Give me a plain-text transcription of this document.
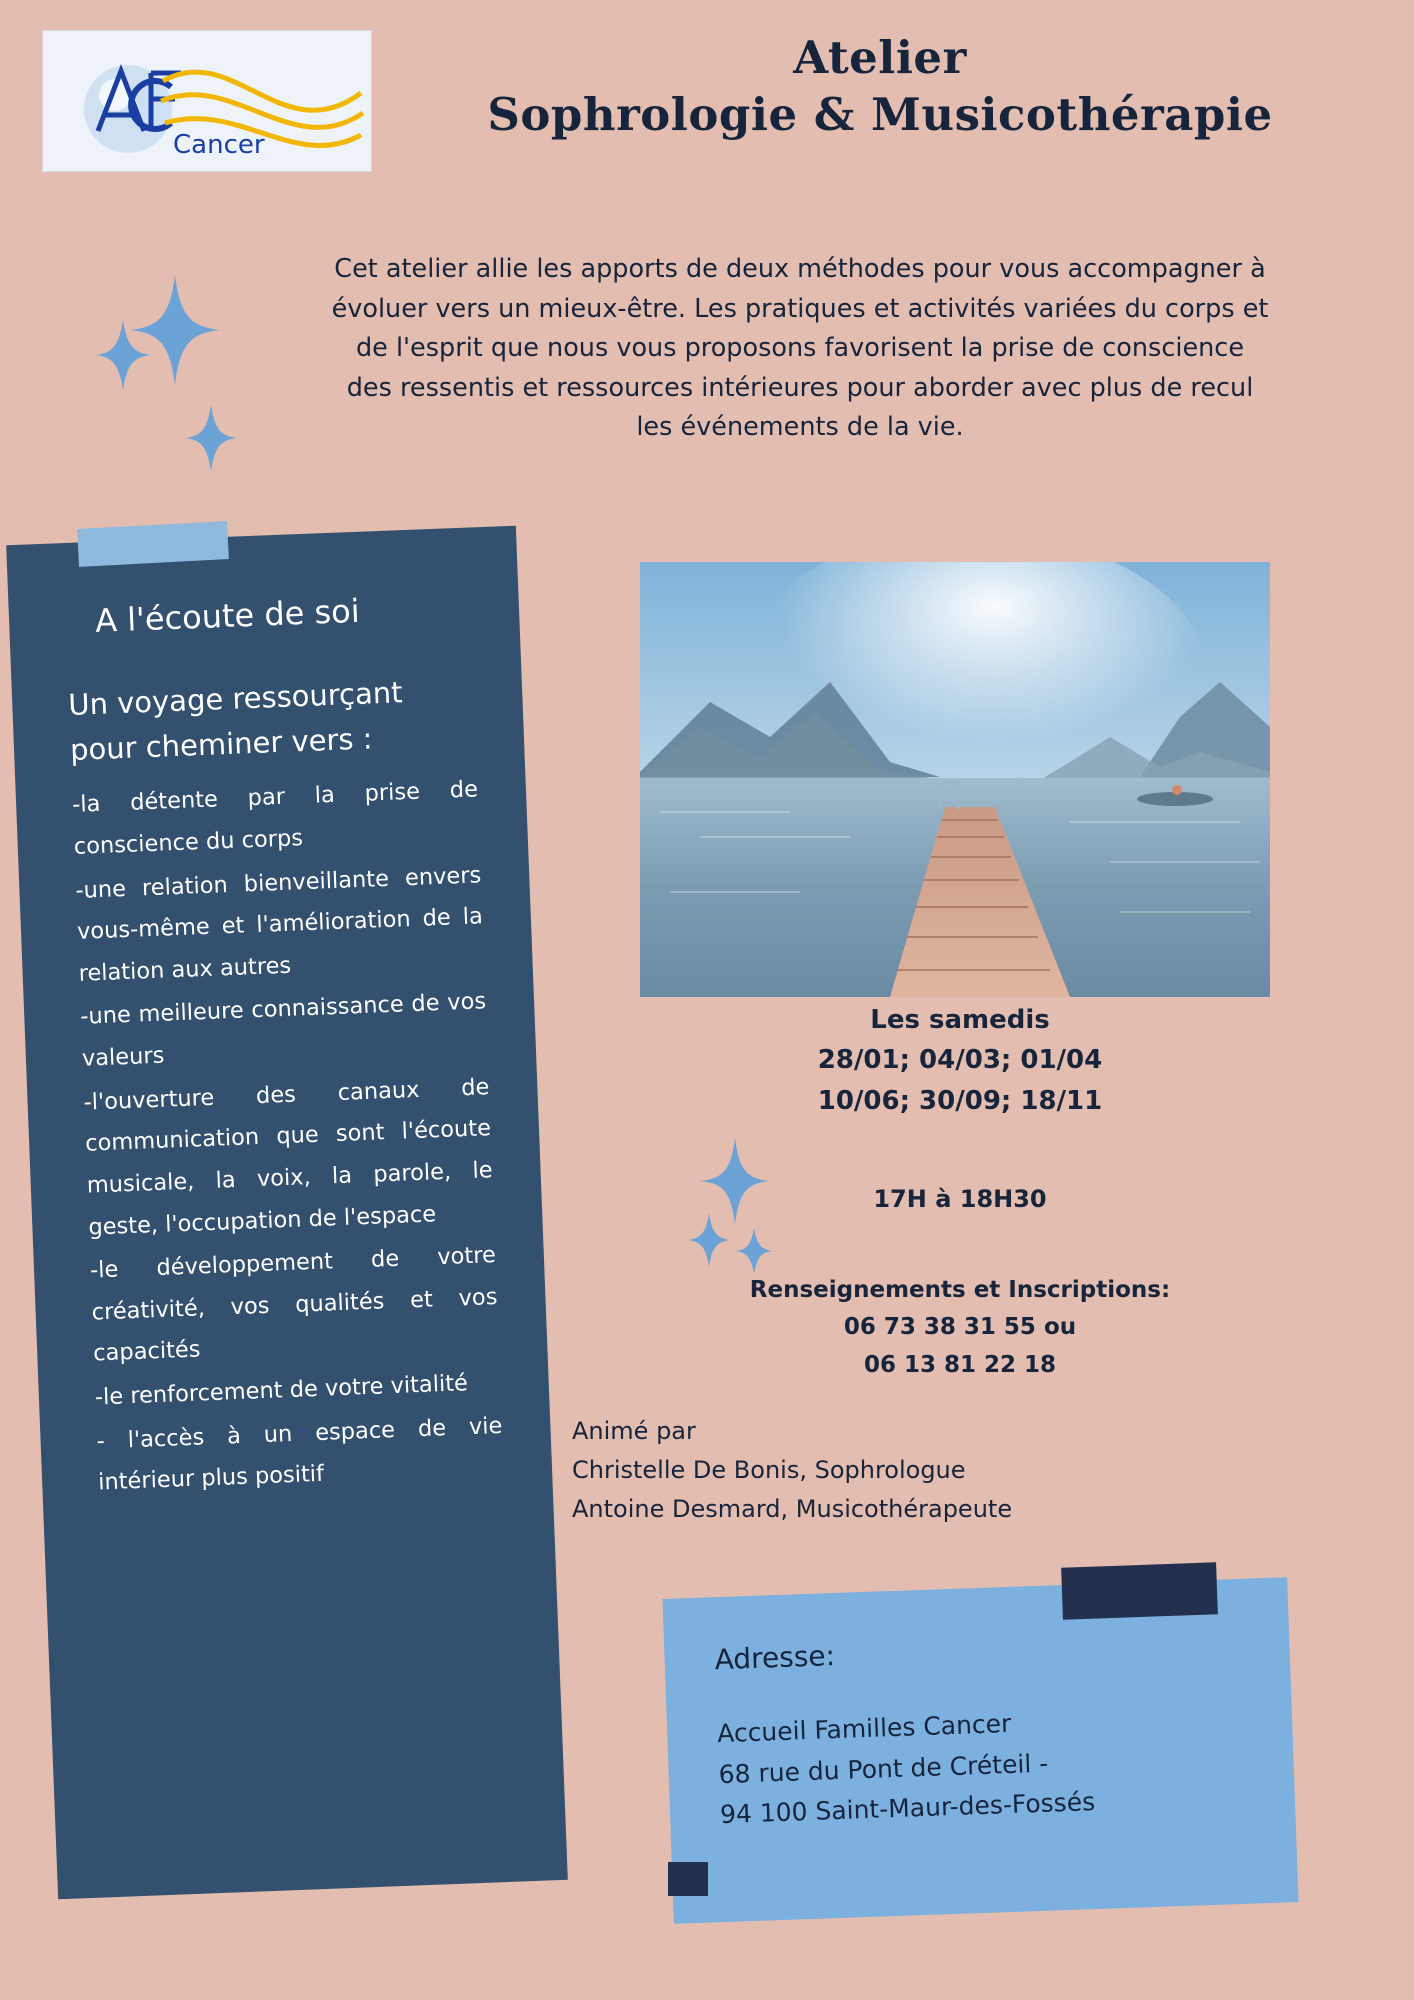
Cancer
Atelier
Sophrologie & Musicothérapie
Cet atelier allie les apports de deux méthodes pour vous accompagner à évoluer vers un mieux-être. Les pratiques et activités variées du corps et de l'esprit que nous vous proposons favorisent la prise de conscience des ressentis et ressources intérieures pour aborder avec plus de recul les événements de la vie.
A l'écoute de soi
Un voyage ressourçant pour cheminer vers :
-la détente par la prise de conscience du corps
-une relation bienveillante envers vous-même et l'amélioration de la relation aux autres
-une meilleure connaissance de vos valeurs
-l'ouverture des canaux de communication que sont l'écoute musicale, la voix, la parole, le geste, l'occupation de l'espace
-le développement de votre créativité, vos qualités et vos capacités
-le renforcement de votre vitalité
- l'accès à un espace de vie intérieur plus positif
Les samedis
28/01; 04/03; 01/04
10/06; 30/09; 18/11
17H à 18H30
Renseignements et Inscriptions:
06 73 38 31 55 ou
06 13 81 22 18
Animé par
Christelle De Bonis, Sophrologue
Antoine Desmard, Musicothérapeute
Adresse:
Accueil Familles Cancer
68 rue du Pont de Créteil -
94 100 Saint-Maur-des-Fossés
